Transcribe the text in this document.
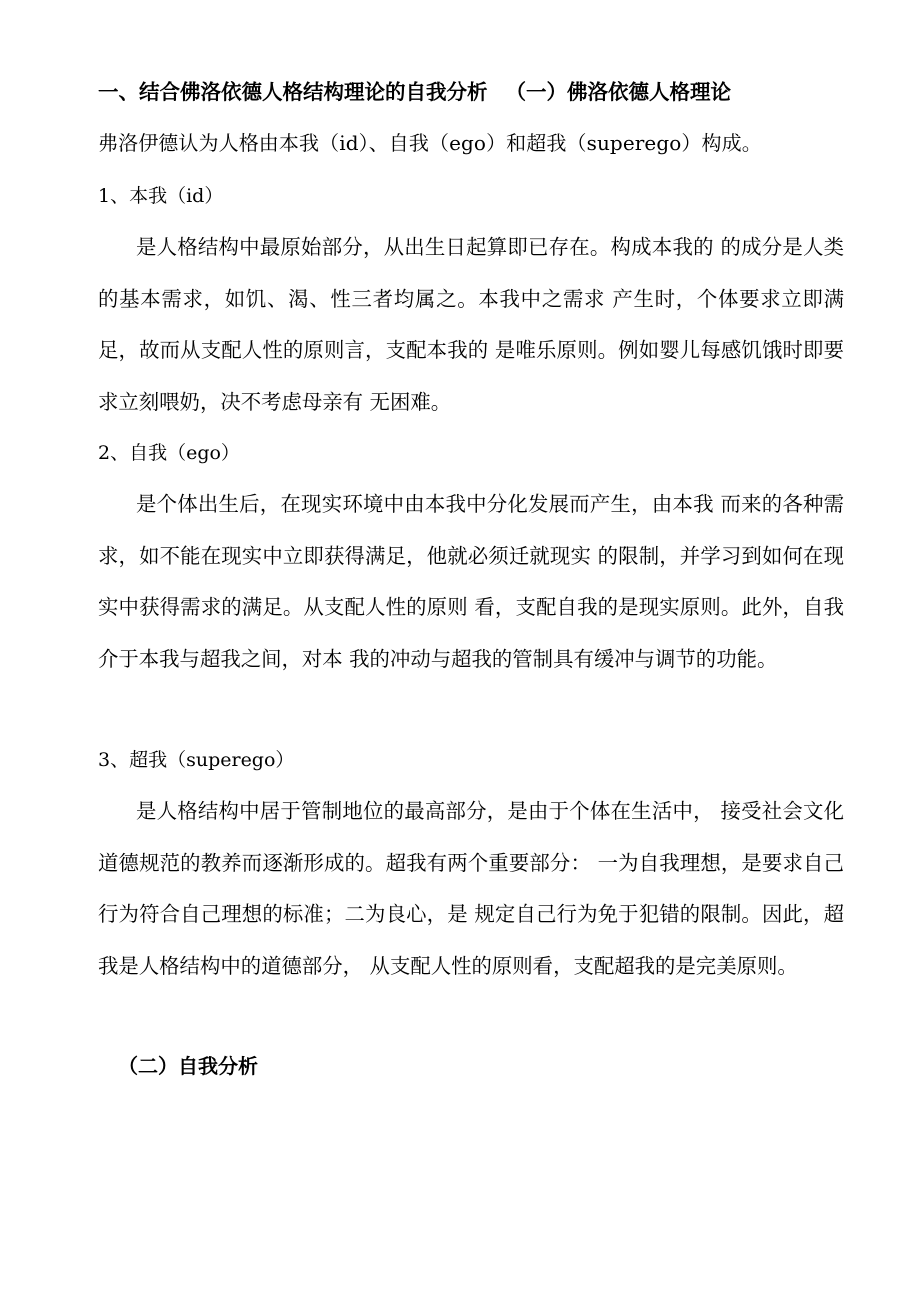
一、结合佛洛依德人格结构理论的自我分析 （一）佛洛依德人格理论
弗洛伊德认为人格由本我（id）、自我（ego）和超我（superego）构成。
1、本我（id）
是人格结构中最原始部分，从出生日起算即已存在。构成本我的 的成分是人类的基本需求，如饥、渴、性三者均属之。本我中之需求 产生时，个体要求立即满足，故而从支配人性的原则言，支配本我的 是唯乐原则。例如婴儿每感饥饿时即要求立刻喂奶，决不考虑母亲有 无困难。
2、自我（ego）
是个体出生后，在现实环境中由本我中分化发展而产生，由本我 而来的各种需求，如不能在现实中立即获得满足，他就必须迁就现实 的限制，并学习到如何在现实中获得需求的满足。从支配人性的原则 看，支配自我的是现实原则。此外，自我介于本我与超我之间，对本 我的冲动与超我的管制具有缓冲与调节的功能。
3、超我（superego）
是人格结构中居于管制地位的最高部分，是由于个体在生活中， 接受社会文化道德规范的教养而逐渐形成的。超我有两个重要部分： 一为自我理想，是要求自己行为符合自己理想的标准；二为良心，是 规定自己行为免于犯错的限制。因此，超我是人格结构中的道德部分， 从支配人性的原则看，支配超我的是完美原则。
（二）自我分析
